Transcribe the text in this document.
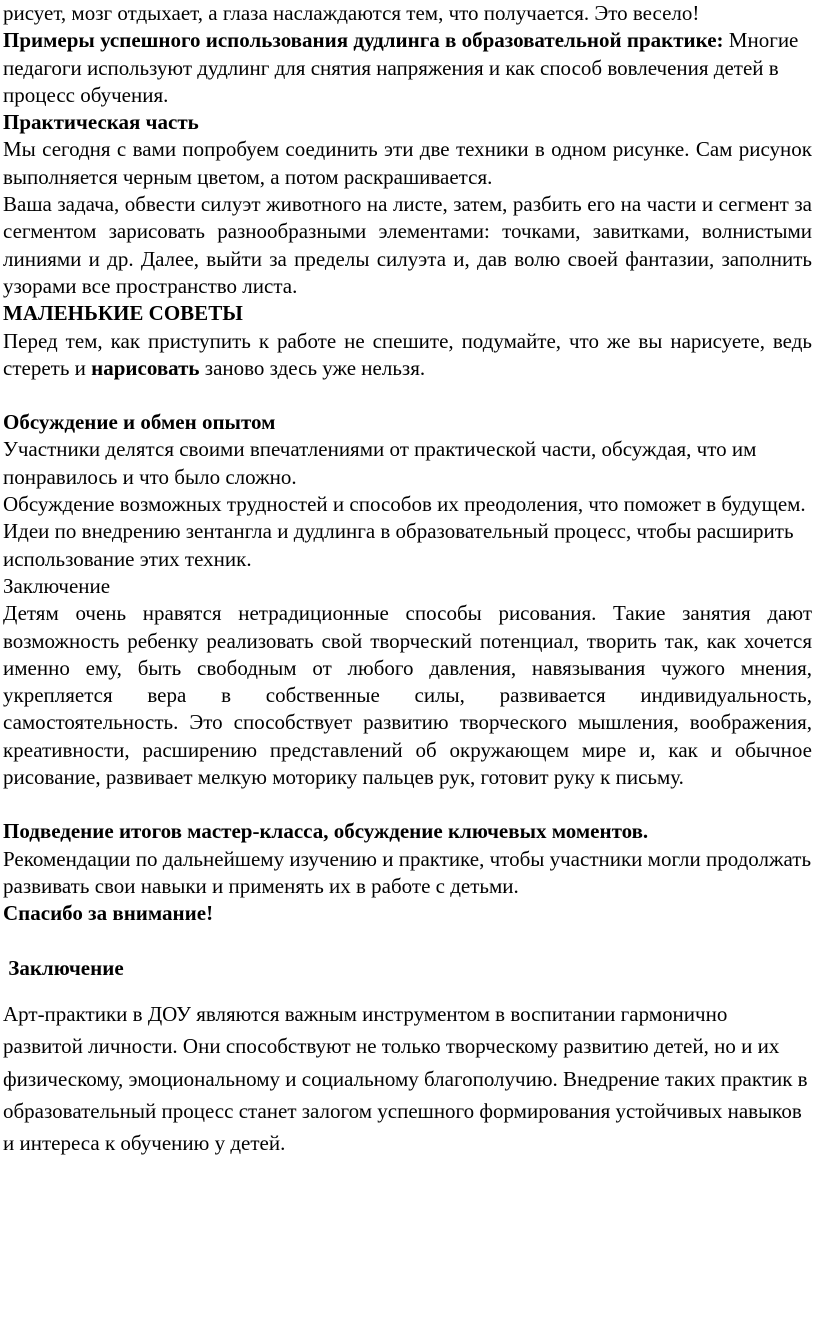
рисует, мозг отдыхает, а глаза наслаждаются тем, что получается. Это весело!

Примеры успешного использования дудлинга в образовательной практике: Многие педагоги используют дудлинг для снятия напряжения и как способ вовлечения детей в процесс обучения.

Практическая часть

Мы сегодня с вами попробуем соединить эти две техники в одном рисунке. Сам рисунок выполняется черным цветом, а потом раскрашивается.

Ваша задача, обвести силуэт животного на листе, затем, разбить его на части и сегмент за сегментом зарисовать разнообразными элементами: точками, завитками, волнистыми линиями и др. Далее, выйти за пределы силуэта и, дав волю своей фантазии, заполнить узорами все пространство листа.

МАЛЕНЬКИЕ СОВЕТЫ

Перед тем, как приступить к работе не спешите, подумайте, что же вы нарисуете, ведь стереть и нарисовать заново здесь уже нельзя.

Обсуждение и обмен опытом

Участники делятся своими впечатлениями от практической части, обсуждая, что им понравилось и что было сложно.

Обсуждение возможных трудностей и способов их преодоления, что поможет в будущем.

Идеи по внедрению зентангла и дудлинга в образовательный процесс, чтобы расширить использование этих техник.

Заключение

Детям очень нравятся нетрадиционные способы рисования. Такие занятия дают возможность ребенку реализовать свой творческий потенциал, творить так, как хочется именно ему, быть свободным от любого давления, навязывания чужого мнения, укрепляется вера в собственные силы, развивается индивидуальность, самостоятельность. Это способствует развитию творческого мышления, воображения, креативности, расширению представлений об окружающем мире и, как и обычное рисование, развивает мелкую моторику пальцев рук, готовит руку к письму.

Подведение итогов мастер-класса, обсуждение ключевых моментов.

Рекомендации по дальнейшему изучению и практике, чтобы участники могли продолжать развивать свои навыки и применять их в работе с детьми.

Спасибо за внимание!

Заключение

Арт-практики в ДОУ являются важным инструментом в воспитании гармонично развитой личности. Они способствуют не только творческому развитию детей, но и их физическому, эмоциональному и социальному благополучию. Внедрение таких практик в образовательный процесс станет залогом успешного формирования устойчивых навыков и интереса к обучению у детей.
